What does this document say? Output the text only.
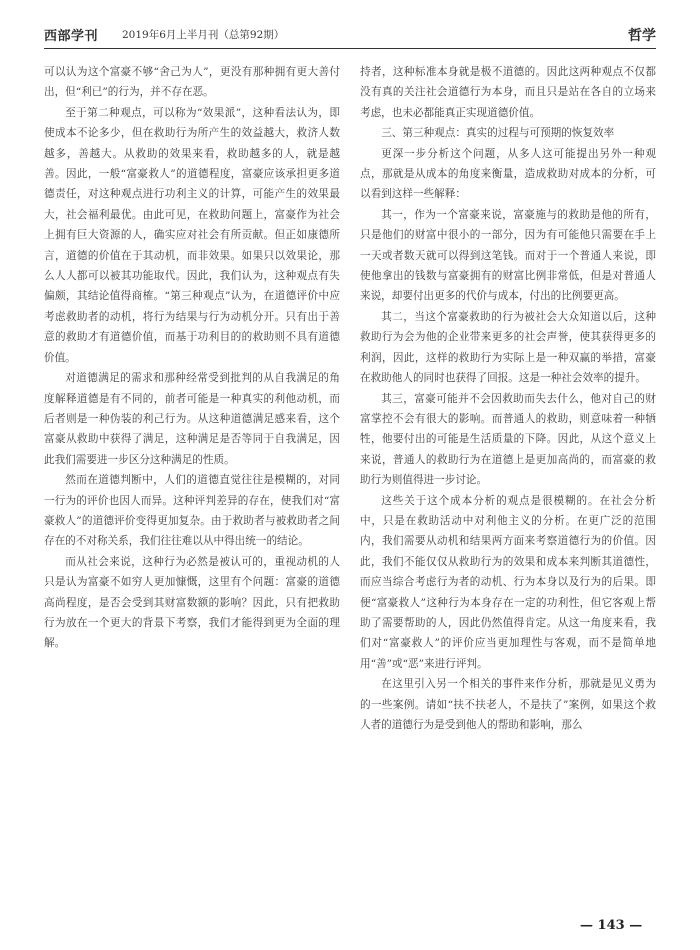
西部学刊 2019年6月上半月刊（总第92期）	哲学

可以认为这个富豪不够“舍己为人”，更没有那种拥有更大善付出，但“利已”的行为，并不存在恶。

至于第二种观点，可以称为“效果派”，这种看法认为，即使成本不论多少，但在救助行为所产生的效益越大，救济人数越多，善越大。从救助的效果来看，救助越多的人，就是越善。因此，一般“富豪救人”的道德程度，富豪应该承担更多道德责任，对这种观点进行功利主义的计算，可能产生的效果最大，社会福利最优。由此可见，在救助问题上，富豪作为社会上拥有巨大资源的人，确实应对社会有所贡献。但正如康德所言，道德的价值在于其动机，而非效果。如果只以效果论，那么人人都可以被其功能取代。因此，我们认为，这种观点有失偏颇，其结论值得商榷。“第三种观点”认为，在道德评价中应考虑救助者的动机，将行为结果与行为动机分开。只有出于善意的救助才有道德价值，而基于功利目的的救助则不具有道德价值。

对道德满足的需求和那种经常受到批判的从自我满足的角度解释道德是有不同的，前者可能是一种真实的利他动机，而后者则是一种伪装的利己行为。从这种道德满足感来看，这个富豪从救助中获得了满足，这种满足是否等同于自我满足，因此我们需要进一步区分这种满足的性质。

然而在道德判断中，人们的道德直觉往往是模糊的，对同一行为的评价也因人而异。这种评判差异的存在，使我们对“富豪救人”的道德评价变得更加复杂。由于救助者与被救助者之间存在的不对称关系，我们往往难以从中得出统一的结论。

而从社会来说，这种行为必然是被认可的，重视动机的人只是认为富豪不如穷人更加慷慨，这里有个问题：富豪的道德高尚程度，是否会受到其财富数额的影响？因此，只有把救助行为放在一个更大的背景下考察，我们才能得到更为全面的理解。

持者，这种标准本身就是极不道德的。因此这两种观点不仅都没有真的关注社会道德行为本身，而且只是站在各自的立场来考虑，也未必都能真正实现道德价值。

三、第三种观点：真实的过程与可预期的恢复效率

更深一步分析这个问题，从多人这可能提出另外一种观点，那就是从成本的角度来衡量，造成救助对成本的分析，可以看到这样一些解释：

其一，作为一个富豪来说，富豪施与的救助是他的所有，只是他们的财富中很小的一部分，因为有可能他只需要在手上一天或者数天就可以得到这笔钱。而对于一个普通人来说，即使他拿出的钱数与富豪拥有的财富比例非常低，但是对普通人来说，却要付出更多的代价与成本，付出的比例要更高。

其二，当这个富豪救助的行为被社会大众知道以后，这种救助行为会为他的企业带来更多的社会声誉，使其获得更多的利润，因此，这样的救助行为实际上是一种双赢的举措，富豪在救助他人的同时也获得了回报。这是一种社会效率的提升。

其三，富豪可能并不会因救助而失去什么，他对自己的财富掌控不会有很大的影响。而普通人的救助，则意味着一种牺牲，他要付出的可能是生活质量的下降。因此，从这个意义上来说，普通人的救助行为在道德上是更加高尚的，而富豪的救助行为则值得进一步讨论。

这些关于这个成本分析的观点是很模糊的。在社会分析中，只是在救助活动中对利他主义的分析。在更广泛的范围内，我们需要从动机和结果两方面来考察道德行为的价值。因此，我们不能仅仅从救助行为的效果和成本来判断其道德性，而应当综合考虑行为者的动机、行为本身以及行为的后果。即便“富豪救人”这种行为本身存在一定的功利性，但它客观上帮助了需要帮助的人，因此仍然值得肯定。从这一角度来看，我们对“富豪救人”的评价应当更加理性与客观，而不是简单地用“善”或“恶”来进行评判。

在这里引入另一个相关的事件来作分析，那就是见义勇为的一些案例。请如“扶不扶老人，不是扶了”案例，如果这个救人者的道德行为是受到他人的帮助和影响，那么

— 143 —
